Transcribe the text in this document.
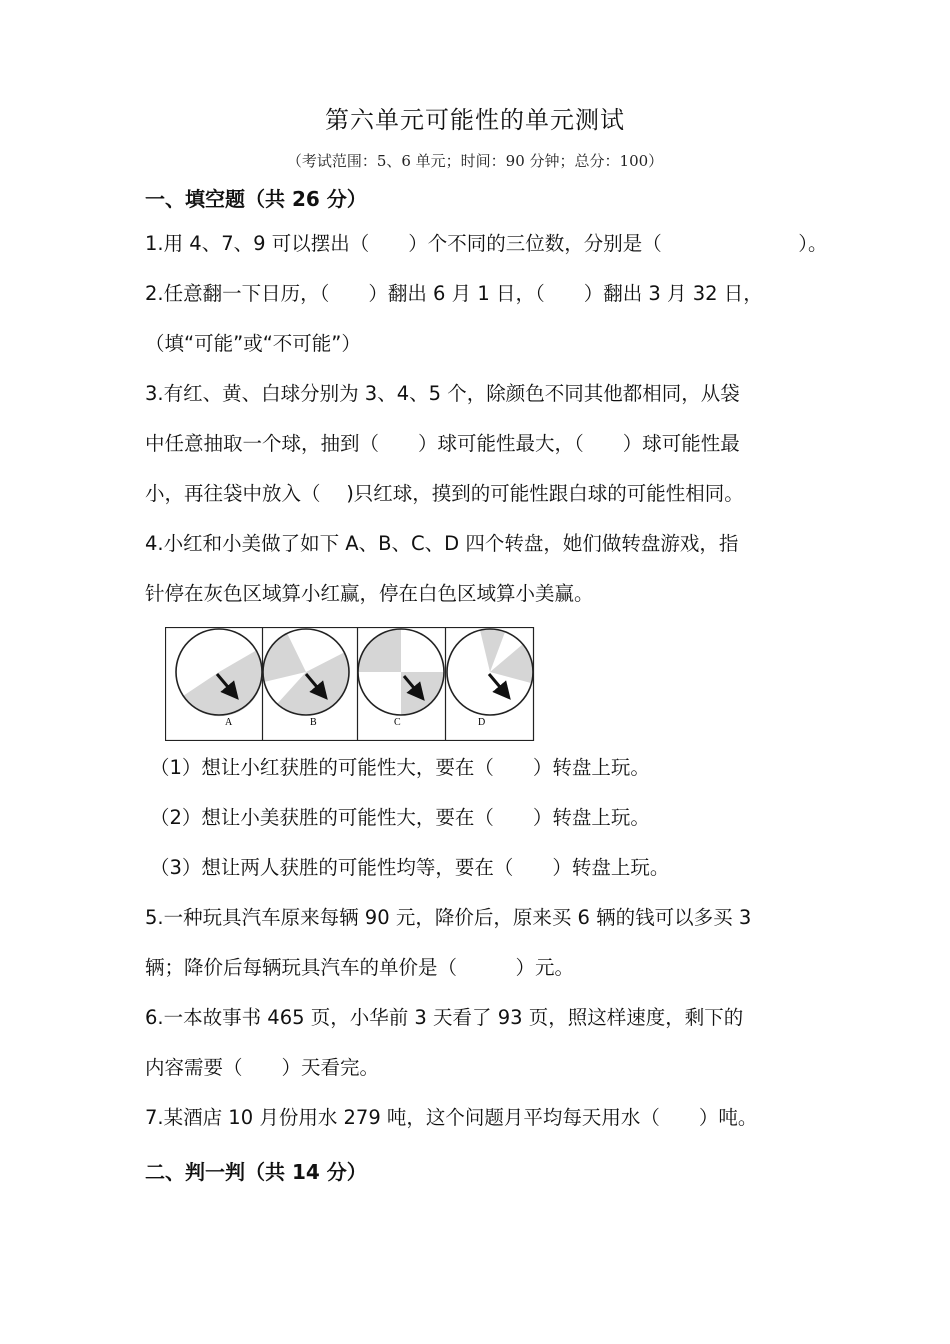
第六单元可能性的单元测试
（考试范围：5、6 单元；时间：90 分钟；总分：100）
一、填空题（共 26 分）
1.用 4、7、9 可以摆出（　　）个不同的三位数，分别是（　　　　　　　）。
2.任意翻一下日历，（　　）翻出 6 月 1 日，（　　）翻出 3 月 32 日，
（填“可能”或“不可能”）
3.有红、黄、白球分别为 3、4、5 个，除颜色不同其他都相同，从袋
中任意抽取一个球，抽到（　　）球可能性最大，（　　）球可能性最
小，再往袋中放入（　 )只红球，摸到的可能性跟白球的可能性相同。
4.小红和小美做了如下 A、B、C、D 四个转盘，她们做转盘游戏，指
针停在灰色区域算小红赢，停在白色区域算小美赢。
A	B	C	D
（1）想让小红获胜的可能性大，要在（　　）转盘上玩。
（2）想让小美获胜的可能性大，要在（　　）转盘上玩。
（3）想让两人获胜的可能性均等，要在（　　）转盘上玩。
5.一种玩具汽车原来每辆 90 元，降价后，原来买 6 辆的钱可以多买 3
辆；降价后每辆玩具汽车的单价是（　　　）元。
6.一本故事书 465 页，小华前 3 天看了 93 页，照这样速度，剩下的
内容需要（　　）天看完。
7.某酒店 10 月份用水 279 吨，这个问题月平均每天用水（　　）吨。
二、判一判（共 14 分）
